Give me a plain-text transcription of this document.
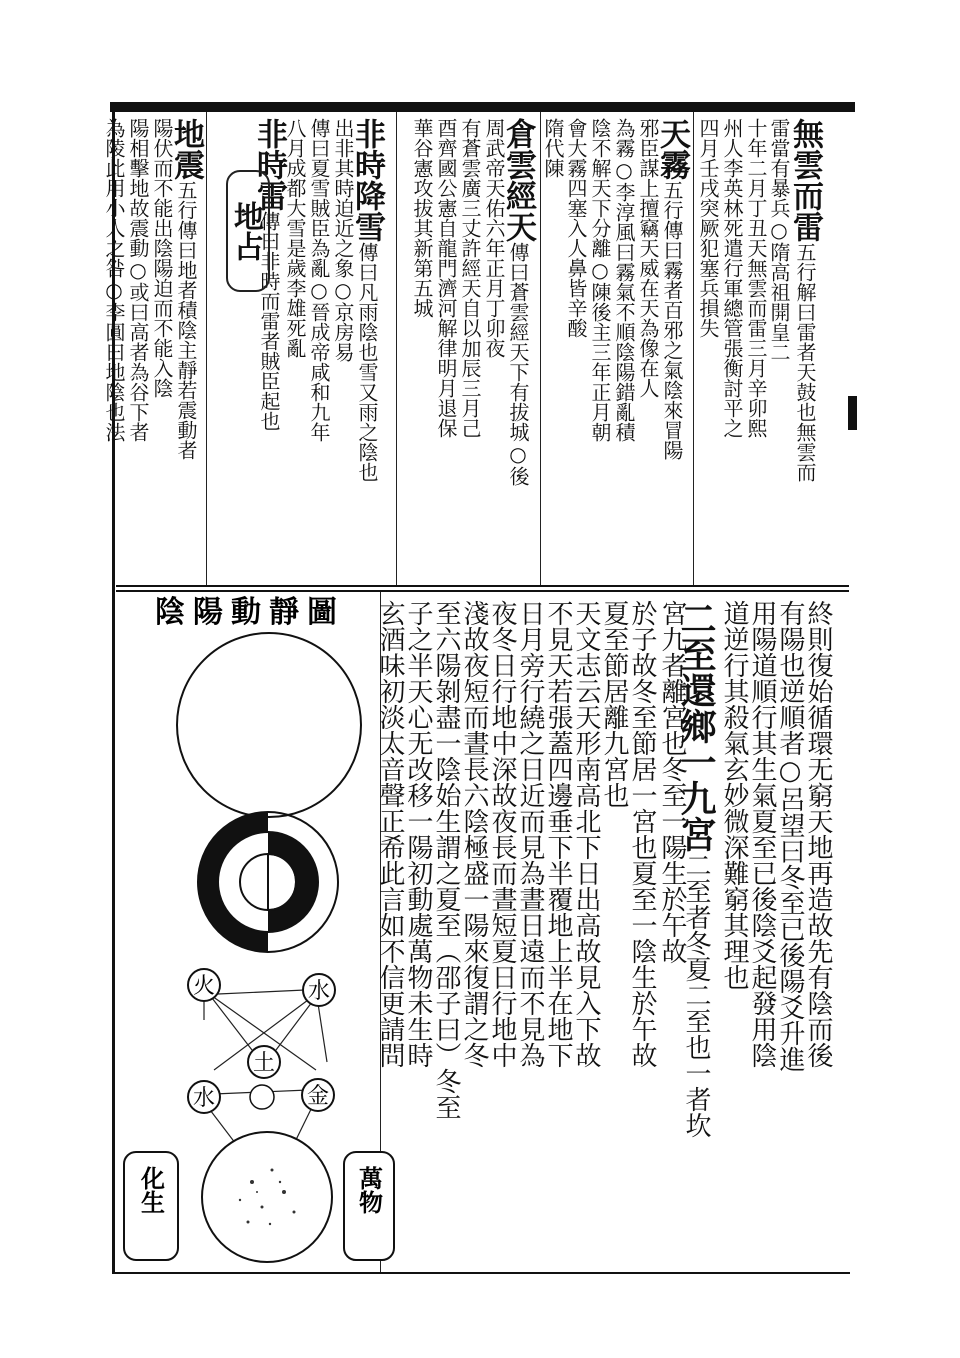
無雲而雷五行解曰雷者天鼓也無雲而
雷當有暴兵○隋高祖開皇二
十年二月丁丑天無雲而雷三月辛卯熙
州人李英林死遣行軍總管張衡討平之
四月壬戌突厥犯塞兵損失
天霧五行傳曰霧者百邪之氣陰來冒陽
邪臣謀上擅竊天威在天為像在人
為霧○李淳風曰霧氣不順陰陽錯亂積
陰不解天下分離○陳後主三年正月朝
會大霧四塞入人鼻皆辛酸
隋代陳
倉雲經天傳曰蒼雲經天下有拔城○後
周武帝天佑六年正月丁卯夜
有蒼雲廣三丈許經天自以加辰三月己
酉齊國公憲自龍門濟河解律明月退保
華谷憲攻拔其新第五城
非時降雪傳曰凡雨陰也雪又雨之陰也
出非其時迫近之象○京房易
傳曰夏雪賊臣為亂○晉成帝咸和九年
八月成都大雪是歲李雄死亂
非時雷傳曰非時而雷者賊臣起也
地震五行傳曰地者積陰主靜若震動者
陽伏而不能出陰陽迫而不能入陰
陽相擊地故震動○或曰高者為谷下者
為陵此用小人之咎○李圓曰地陰也法	地占
終則復始循環无窮天地再造故先有陰而後
有陽也逆順者○呂望曰冬至已後陽爻升進
用陽道順行其生氣夏至已後陰爻起發用陰
道逆行其殺氣玄妙微深難窮其理也
二至還鄉一九宮二至者冬夏二至也一者坎
宮九者離宮也冬至一陽生於午故
於子故冬至節居一宮也夏至一陰生於午故
夏至節居離九宮也
天文志云天形南高北下日出高故見入下故
不見天若張蓋四邊垂下半覆地上半在地下
日月旁行繞之日近而見為晝日遠而不見為
夜冬日行地中深故夜長而晝短夏日行地中
淺故夜短而晝長六陰極盛一陽來復謂之冬
至六陽剝盡一陰始生謂之夏至（邵子曰）冬至
子之半天心无改移一陽初動處萬物未生時
玄酒味初淡太音聲正希此言如不信更請問
陰陽動靜圖
火	水
土
水	金
化生	萬物
